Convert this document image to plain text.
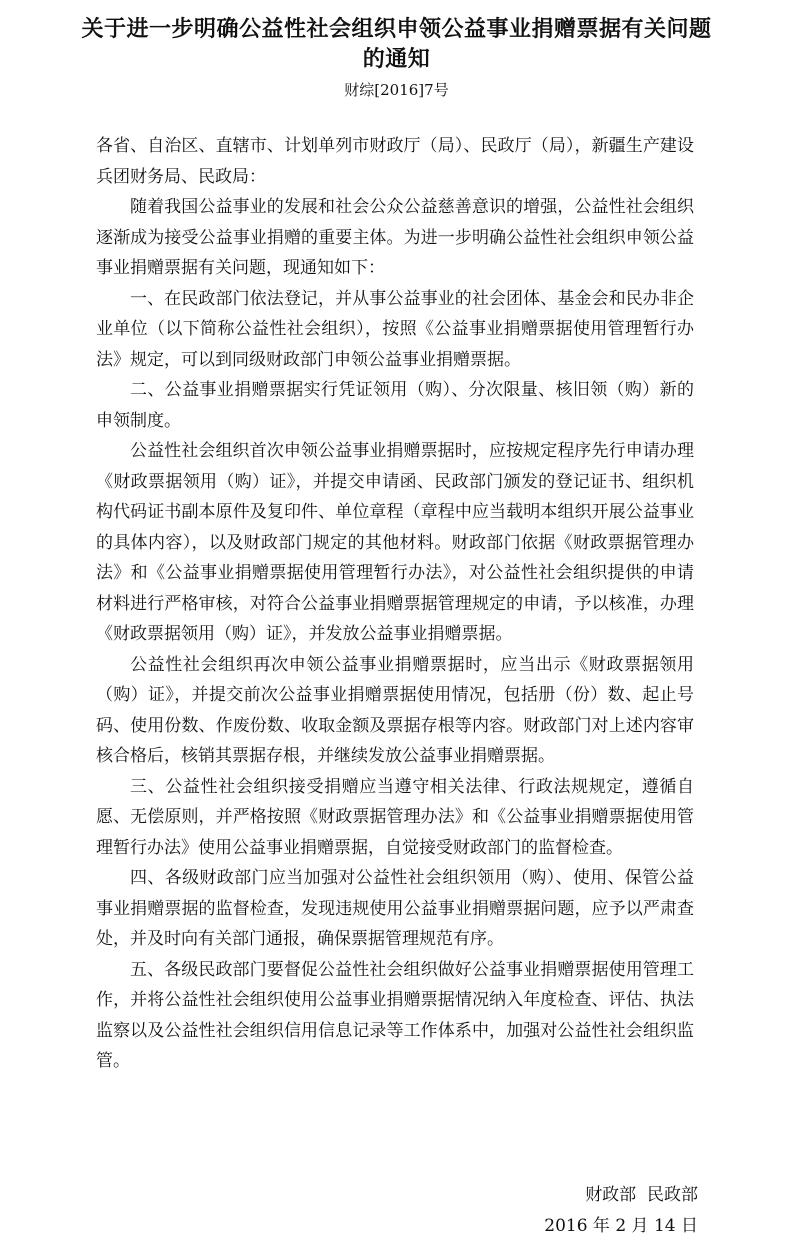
关于进一步明确公益性社会组织申领公益事业捐赠票据有关问题
的通知
财综[2016]7号

各省、自治区、直辖市、计划单列市财政厅（局）、民政厅（局），新疆生产建设兵团财务局、民政局：

随着我国公益事业的发展和社会公众公益慈善意识的增强，公益性社会组织逐渐成为接受公益事业捐赠的重要主体。为进一步明确公益性社会组织申领公益事业捐赠票据有关问题，现通知如下：

一、在民政部门依法登记，并从事公益事业的社会团体、基金会和民办非企业单位（以下简称公益性社会组织），按照《公益事业捐赠票据使用管理暂行办法》规定，可以到同级财政部门申领公益事业捐赠票据。

二、公益事业捐赠票据实行凭证领用（购）、分次限量、核旧领（购）新的申领制度。

公益性社会组织首次申领公益事业捐赠票据时，应按规定程序先行申请办理《财政票据领用（购）证》，并提交申请函、民政部门颁发的登记证书、组织机构代码证书副本原件及复印件、单位章程（章程中应当载明本组织开展公益事业的具体内容），以及财政部门规定的其他材料。财政部门依据《财政票据管理办法》和《公益事业捐赠票据使用管理暂行办法》，对公益性社会组织提供的申请材料进行严格审核，对符合公益事业捐赠票据管理规定的申请，予以核准，办理《财政票据领用（购）证》，并发放公益事业捐赠票据。

公益性社会组织再次申领公益事业捐赠票据时，应当出示《财政票据领用（购）证》，并提交前次公益事业捐赠票据使用情况，包括册（份）数、起止号码、使用份数、作废份数、收取金额及票据存根等内容。财政部门对上述内容审核合格后，核销其票据存根，并继续发放公益事业捐赠票据。

三、公益性社会组织接受捐赠应当遵守相关法律、行政法规规定，遵循自愿、无偿原则，并严格按照《财政票据管理办法》和《公益事业捐赠票据使用管理暂行办法》使用公益事业捐赠票据，自觉接受财政部门的监督检查。

四、各级财政部门应当加强对公益性社会组织领用（购）、使用、保管公益事业捐赠票据的监督检查，发现违规使用公益事业捐赠票据问题，应予以严肃查处，并及时向有关部门通报，确保票据管理规范有序。

五、各级民政部门要督促公益性社会组织做好公益事业捐赠票据使用管理工作，并将公益性社会组织使用公益事业捐赠票据情况纳入年度检查、评估、执法监察以及公益性社会组织信用信息记录等工作体系中，加强对公益性社会组织监管。

财政部  民政部
2016 年 2 月 14 日
